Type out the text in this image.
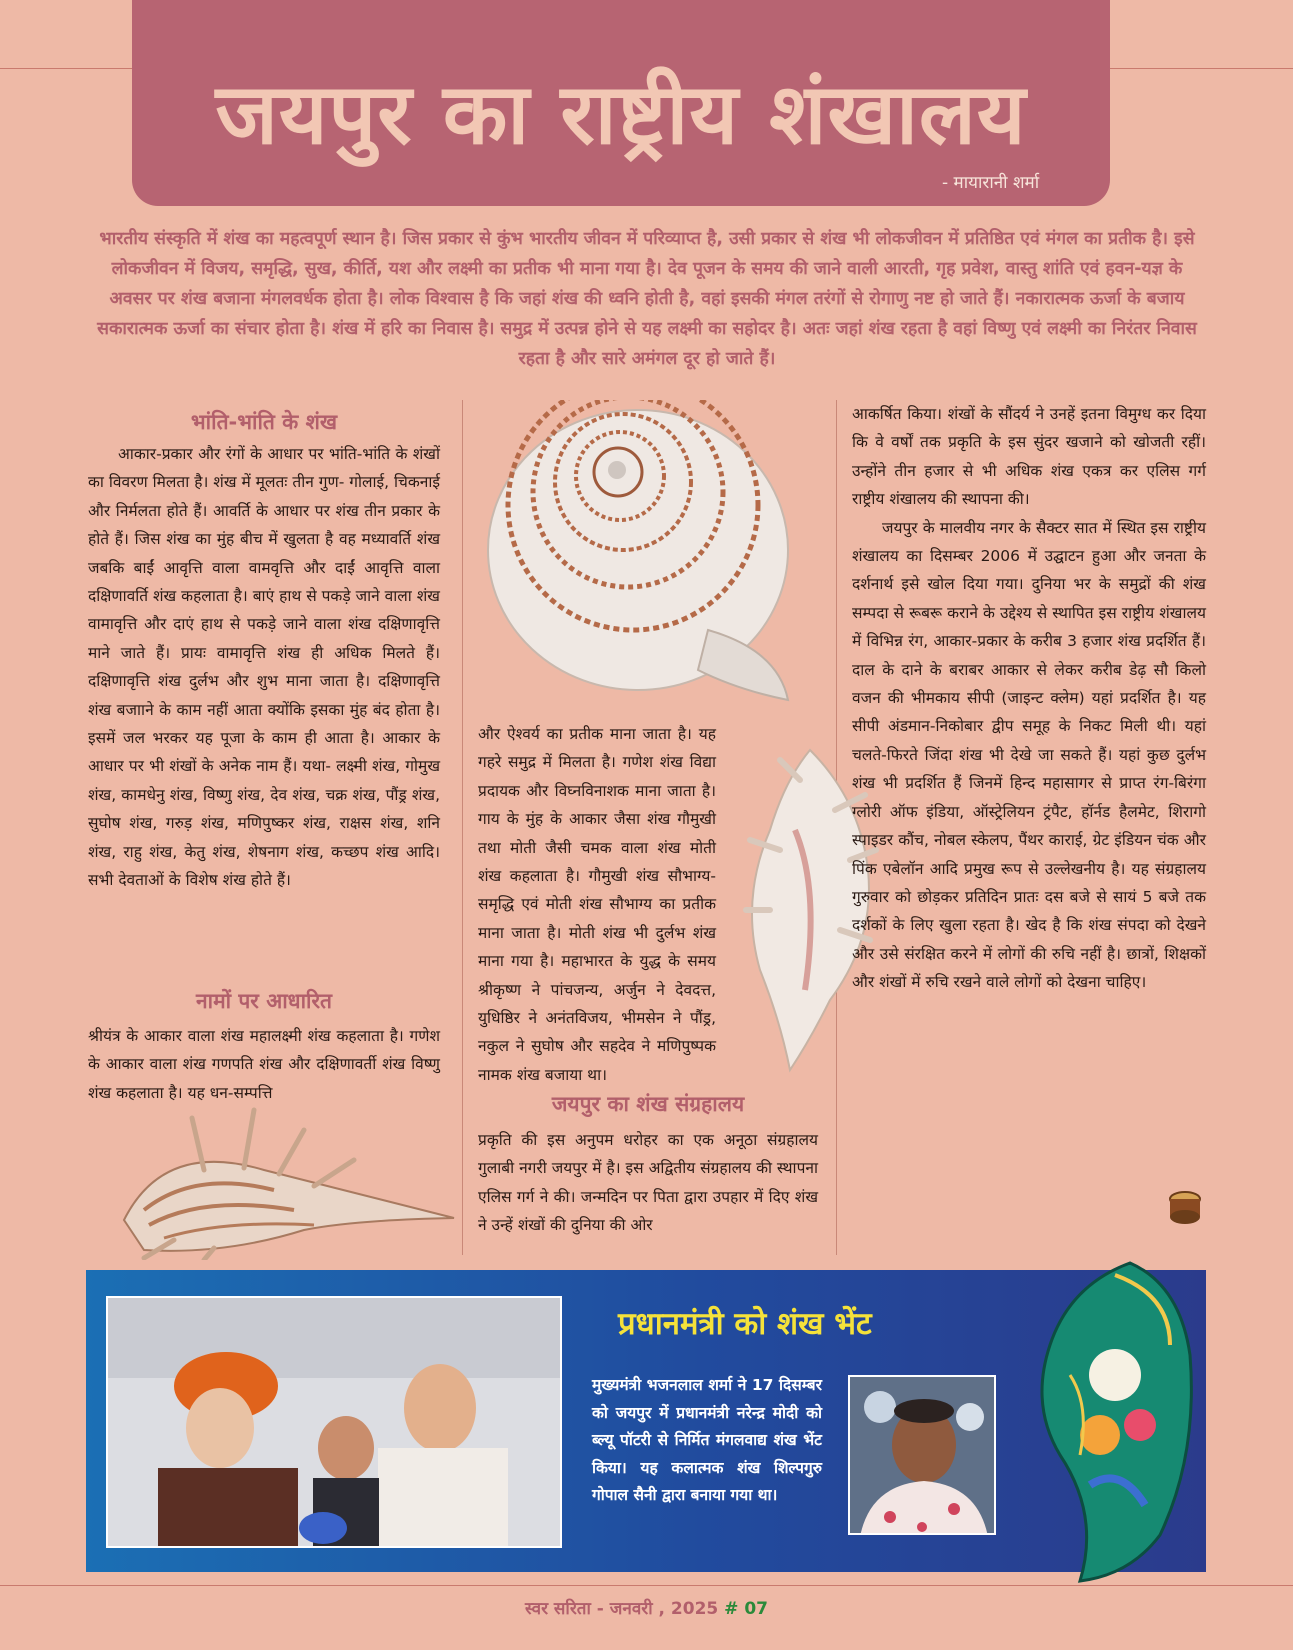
जयपुर का राष्ट्रीय शंखालय
- मायारानी शर्मा
भारतीय संस्कृति में शंख का महत्वपूर्ण स्थान है। जिस प्रकार से कुंभ भारतीय जीवन में परिव्याप्त है, उसी प्रकार से शंख भी लोकजीवन में प्रतिष्ठित एवं मंगल का प्रतीक है। इसे लोकजीवन में विजय, समृद्धि, सुख, कीर्ति, यश और लक्ष्मी का प्रतीक भी माना गया है। देव पूजन के समय की जाने वाली आरती, गृह प्रवेश, वास्तु शांति एवं हवन-यज्ञ के अवसर पर शंख बजाना मंगलवर्धक होता है। लोक विश्वास है कि जहां शंख की ध्वनि होती है, वहां इसकी मंगल तरंगों से रोगाणु नष्ट हो जाते हैं। नकारात्मक ऊर्जा के बजाय सकारात्मक ऊर्जा का संचार होता है। शंख में हरि का निवास है। समुद्र में उत्पन्न होने से यह लक्ष्मी का सहोदर है। अतः जहां शंख रहता है वहां विष्णु एवं लक्ष्मी का निरंतर निवास रहता है और सारे अमंगल दूर हो जाते हैं।
भांति-भांति के शंख

आकार-प्रकार और रंगों के आधार पर भांति-भांति के शंखों का विवरण मिलता है। शंख में मूलतः तीन गुण- गोलाई, चिकनाई और निर्मलता होते हैं। आवर्ति के आधार पर शंख तीन प्रकार के होते हैं। जिस शंख का मुंह बीच में खुलता है वह मध्यावर्ति शंख जबकि बाईं आवृत्ति वाला वामवृत्ति और दाईं आवृत्ति वाला दक्षिणावर्ति शंख कहलाता है। बाएं हाथ से पकड़े जाने वाला शंख वामावृत्ति और दाएं हाथ से पकड़े जाने वाला शंख दक्षिणावृत्ति माने जाते हैं। प्रायः वामावृत्ति शंख ही अधिक मिलते हैं। दक्षिणावृत्ति शंख दुर्लभ और शुभ माना जाता है। दक्षिणावृत्ति शंख बजााने के काम नहीं आता क्योंकि इसका मुंह बंद होता है। इसमें जल भरकर यह पूजा के काम ही आता है। आकार के आधार पर भी शंखों के अनेक नाम हैं। यथा- लक्ष्मी शंख, गोमुख शंख, कामधेनु शंख, विष्णु शंख, देव शंख, चक्र शंख, पौंड्र शंख, सुघोष शंख, गरुड़ शंख, मणिपुष्कर शंख, राक्षस शंख, शनि शंख, राहु शंख, केतु शंख, शेषनाग शंख, कच्छप शंख आदि। सभी देवताओं के विशेष शंख होते हैं।

नामों पर आधारित

श्रीयंत्र के आकार वाला शंख महालक्ष्मी शंख कहलाता है। गणेश के आकार वाला शंख गणपति शंख और दक्षिणावर्ती शंख विष्णु शंख कहलाता है। यह धन-सम्पत्ति

और ऐश्वर्य का प्रतीक माना जाता है। यह गहरे समुद्र में मिलता है। गणेश शंख विद्या प्रदायक और विघ्नविनाशक माना जाता है। गाय के मुंह के आकार जैसा शंख गौमुखी तथा मोती जैसी चमक वाला शंख मोती शंख कहलाता है। गौमुखी शंख सौभाग्य-समृद्धि एवं मोती शंख सौभाग्य का प्रतीक माना जाता है। मोती शंख भी दुर्लभ शंख माना गया है। महाभारत के युद्ध के समय श्रीकृष्ण ने पांचजन्य, अर्जुन ने देवदत्त, युधिष्ठिर ने अनंतविजय, भीमसेन ने पौंड्र, नकुल ने सुघोष और सहदेव ने मणिपुष्पक नामक शंख बजाया था।

जयपुर का शंख संग्रहालय

प्रकृति की इस अनुपम धरोहर का एक अनूठा संग्रहालय गुलाबी नगरी जयपुर में है। इस अद्वितीय संग्रहालय की स्थापना एलिस गर्ग ने की। जन्मदिन पर पिता द्वारा उपहार में दिए शंख ने उन्हें शंखों की दुनिया की ओर

आकर्षित किया। शंखों के सौंदर्य ने उनहें इतना विमुग्ध कर दिया कि वे वर्षों तक प्रकृति के इस सुंदर खजाने को खोजती रहीं। उन्होंने तीन हजार से भी अधिक शंख एकत्र कर एलिस गर्ग राष्ट्रीय शंखालय की स्थापना की।

जयपुर के मालवीय नगर के सैक्टर सात में स्थित इस राष्ट्रीय शंखालय का दिसम्बर 2006 में उद्घाटन हुआ और जनता के दर्शनार्थ इसे खोल दिया गया। दुनिया भर के समुद्रों की शंख सम्पदा से रूबरू कराने के उद्देश्य से स्थापित इस राष्ट्रीय शंखालय में विभिन्न रंग, आकार-प्रकार के करीब 3 हजार शंख प्रदर्शित हैं। दाल के दाने के बराबर आकार से लेकर करीब डेढ़ सौ किलो वजन की भीमकाय सीपी (जाइन्ट क्लेम) यहां प्रदर्शित है। यह सीपी अंडमान-निकोबार द्वीप समूह के निकट मिली थी। यहां चलते-फिरते जिंदा शंख भी देखे जा सकते हैं। यहां कुछ दुर्लभ शंख भी प्रदर्शित हैं जिनमें हिन्द महासागर से प्राप्त रंग-बिरंगा ग्लोरी ऑफ इंडिया, ऑस्ट्रेलियन ट्रंपैट, हॉर्नड हैलमेट, शिरागो स्पाइडर कौंच, नोबल स्केलप, पैंथर काराई, ग्रेट इंडियन चंक और पिंक एबेलॉन आदि प्रमुख रूप से उल्लेखनीय है। यह संग्रहालय गुरुवार को छोड़कर प्रतिदिन प्रातः दस बजे से सायं 5 बजे तक दर्शकों के लिए खुला रहता है। खेद है कि शंख संपदा को देखने और उसे संरक्षित करने में लोगों की रुचि नहीं है। छात्रों, शिक्षकों और शंखों में रुचि रखने वाले लोगों को देखना चाहिए।

प्रधानमंत्री को शंख भेंट
मुख्यमंत्री भजनलाल शर्मा ने 17 दिसम्बर को जयपुर में प्रधानमंत्री नरेन्द्र मोदी को ब्ल्यू पॉटरी से निर्मित मंगलवाद्य शंख भेंट किया। यह कलात्मक शंख शिल्पगुरु गोपाल सैनी द्वारा बनाया गया था।
स्वर सरिता - जनवरी , 2025 # 07
